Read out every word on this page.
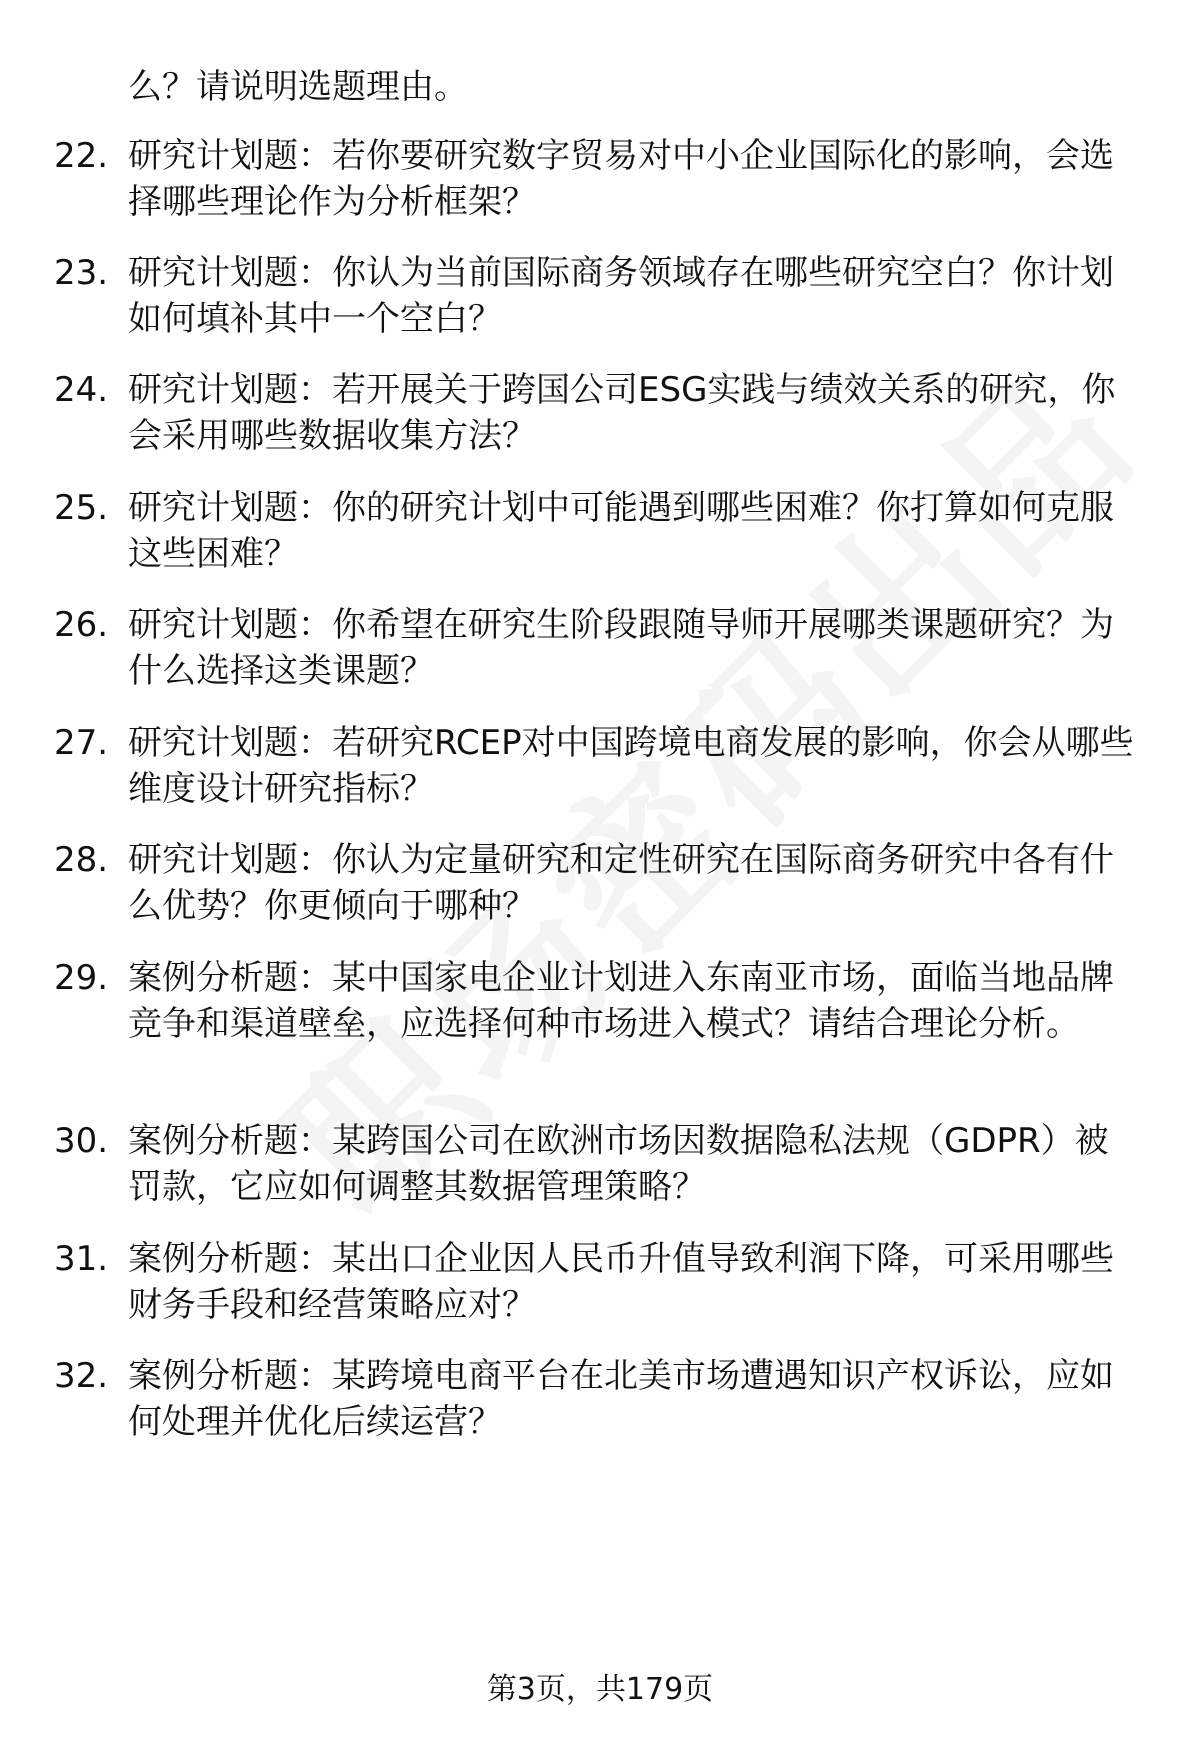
么？请说明选题理由。

22. 研究计划题：若你要研究数字贸易对中小企业国际化的影响，会选择哪些理论作为分析框架？
23. 研究计划题：你认为当前国际商务领域存在哪些研究空白？你计划如何填补其中一个空白？
24. 研究计划题：若开展关于跨国公司ESG实践与绩效关系的研究，你会采用哪些数据收集方法？
25. 研究计划题：你的研究计划中可能遇到哪些困难？你打算如何克服这些困难？
26. 研究计划题：你希望在研究生阶段跟随导师开展哪类课题研究？为什么选择这类课题？
27. 研究计划题：若研究RCEP对中国跨境电商发展的影响，你会从哪些维度设计研究指标？
28. 研究计划题：你认为定量研究和定性研究在国际商务研究中各有什么优势？你更倾向于哪种？
29. 案例分析题：某中国家电企业计划进入东南亚市场，面临当地品牌竞争和渠道壁垒，应选择何种市场进入模式？请结合理论分析。
30. 案例分析题：某跨国公司在欧洲市场因数据隐私法规（GDPR）被罚款，它应如何调整其数据管理策略？
31. 案例分析题：某出口企业因人民币升值导致利润下降，可采用哪些财务手段和经营策略应对？
32. 案例分析题：某跨境电商平台在北美市场遭遇知识产权诉讼，应如何处理并优化后续运营？
第3页，共179页
